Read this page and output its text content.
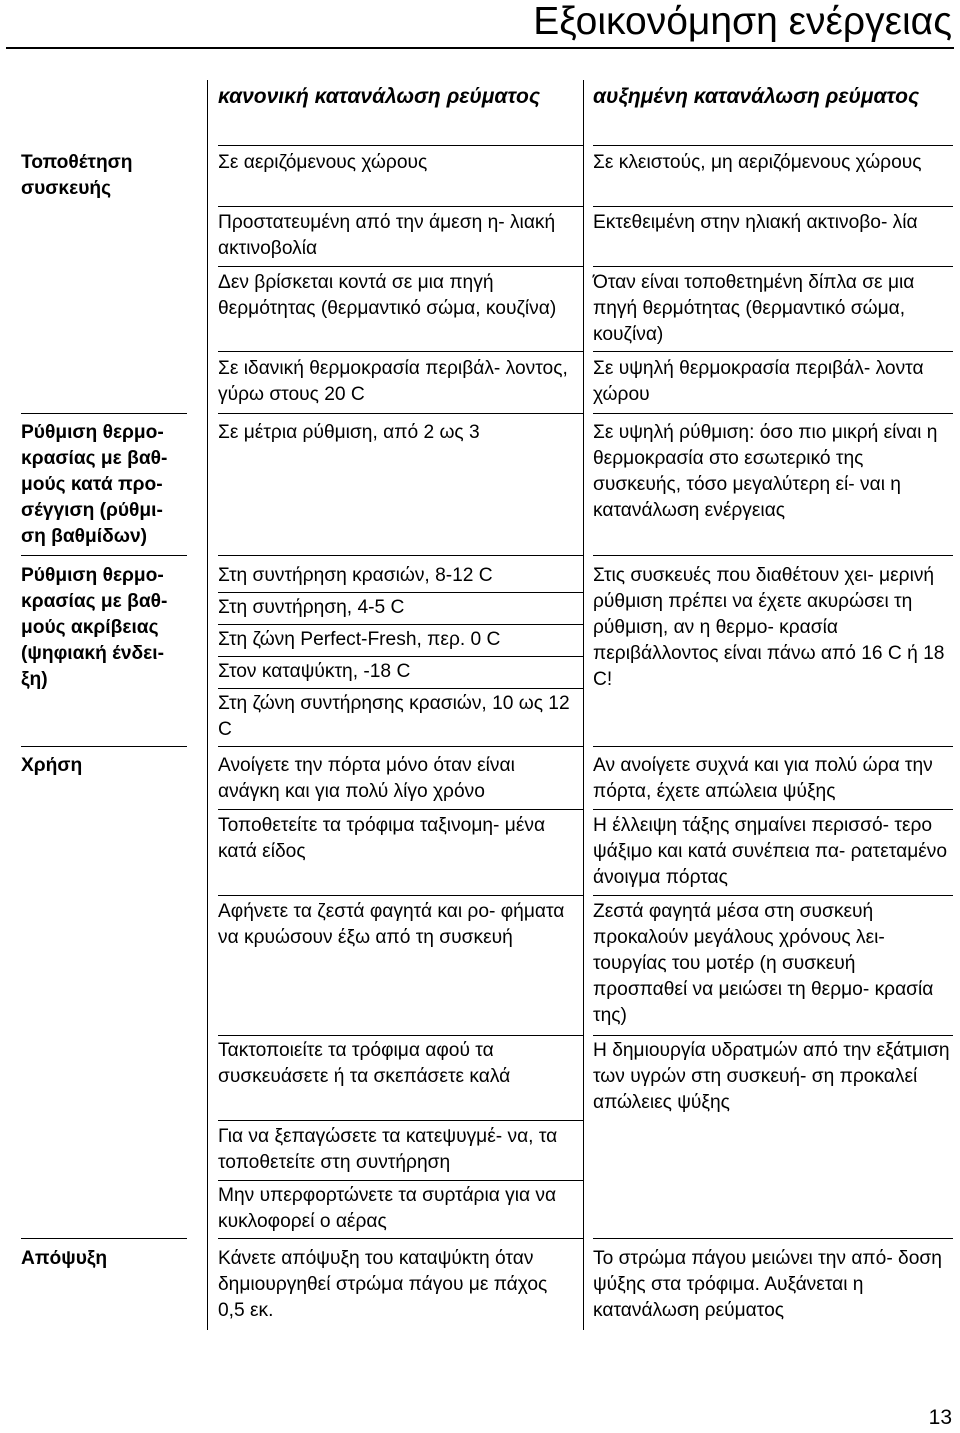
Εξοικονόμηση ενέργειας
Τοποθέτηση συσκευής
Ρύθμιση θερμο- κρασίας με βαθ- μούς κατά προ- σέγγιση (ρύθμι- ση βαθμίδων)
Ρύθμιση θερμο- κρασίας με βαθ- μούς ακρίβειας (ψηφιακή ένδει- ξη)
Χρήση
Απόψυξη
κανονική κατανάλωση ρεύματος
Σε αεριζόμενους χώρους
Προστατευμένη από την άμεση η- λιακή ακτινοβολία
Δεν βρίσκεται κοντά σε μια πηγή θερμότητας (θερμαντικό σώμα, κουζίνα)
Σε ιδανική θερμοκρασία περιβάλ- λοντος, γύρω στους 20 C
Σε μέτρια ρύθμιση, από 2 ως 3
Στη συντήρηση κρασιών, 8-12 C
Στη συντήρηση, 4-5 C
Στη ζώνη Perfect-Fresh, περ. 0 C
Στον καταψύκτη, -18 C
Στη ζώνη συντήρησης κρασιών, 10 ως 12 C
Ανοίγετε την πόρτα μόνο όταν είναι ανάγκη και για πολύ λίγο χρόνο
Τοποθετείτε τα τρόφιμα ταξινομη- μένα κατά είδος
Αφήνετε τα ζεστά φαγητά και ρο- φήματα να κρυώσουν έξω από τη συσκευή
Τακτοποιείτε τα τρόφιμα αφού τα συσκευάσετε ή τα σκεπάσετε καλά
Για να ξεπαγώσετε τα κατεψυγμέ- να, τα τοποθετείτε στη συντήρηση
Μην υπερφορτώνετε τα συρτάρια για να κυκλοφορεί ο αέρας
Κάνετε απόψυξη του καταψύκτη όταν δημιουργηθεί στρώμα πάγου με πάχος 0,5 εκ.
αυξημένη κατανάλωση ρεύματος
Σε κλειστούς, μη αεριζόμενους χώρους
Εκτεθειμένη στην ηλιακή ακτινοβο- λία
Όταν είναι τοποθετημένη δίπλα σε μια πηγή θερμότητας (θερμαντικό σώμα, κουζίνα)
Σε υψηλή θερμοκρασία περιβάλ- λοντα χώρου
Σε υψηλή ρύθμιση: όσο πιο μικρή είναι η θερμοκρασία στο εσωτερικό της συσκευής, τόσο μεγαλύτερη εί- ναι η κατανάλωση ενέργειας
Στις συσκευές που διαθέτουν χει- μερινή ρύθμιση πρέπει να έχετε ακυρώσει τη ρύθμιση, αν η θερμο- κρασία περιβάλλοντος είναι πάνω από 16 C ή 18 C!
Αν ανοίγετε συχνά και για πολύ ώρα την πόρτα, έχετε απώλεια ψύξης
Η έλλειψη τάξης σημαίνει περισσό- τερο ψάξιμο και κατά συνέπεια πα- ρατεταμένο άνοιγμα πόρτας
Ζεστά φαγητά μέσα στη συσκευή προκαλούν μεγάλους χρόνους λει- τουργίας του μοτέρ (η συσκευή προσπαθεί να μειώσει τη θερμο- κρασία της)
Η δημιουργία υδρατμών από την εξάτμιση των υγρών στη συσκευή- ση προκαλεί απώλειες ψύξης
Το στρώμα πάγου μειώνει την από- δοση ψύξης στα τρόφιμα. Αυξάνεται η κατανάλωση ρεύματος
13
